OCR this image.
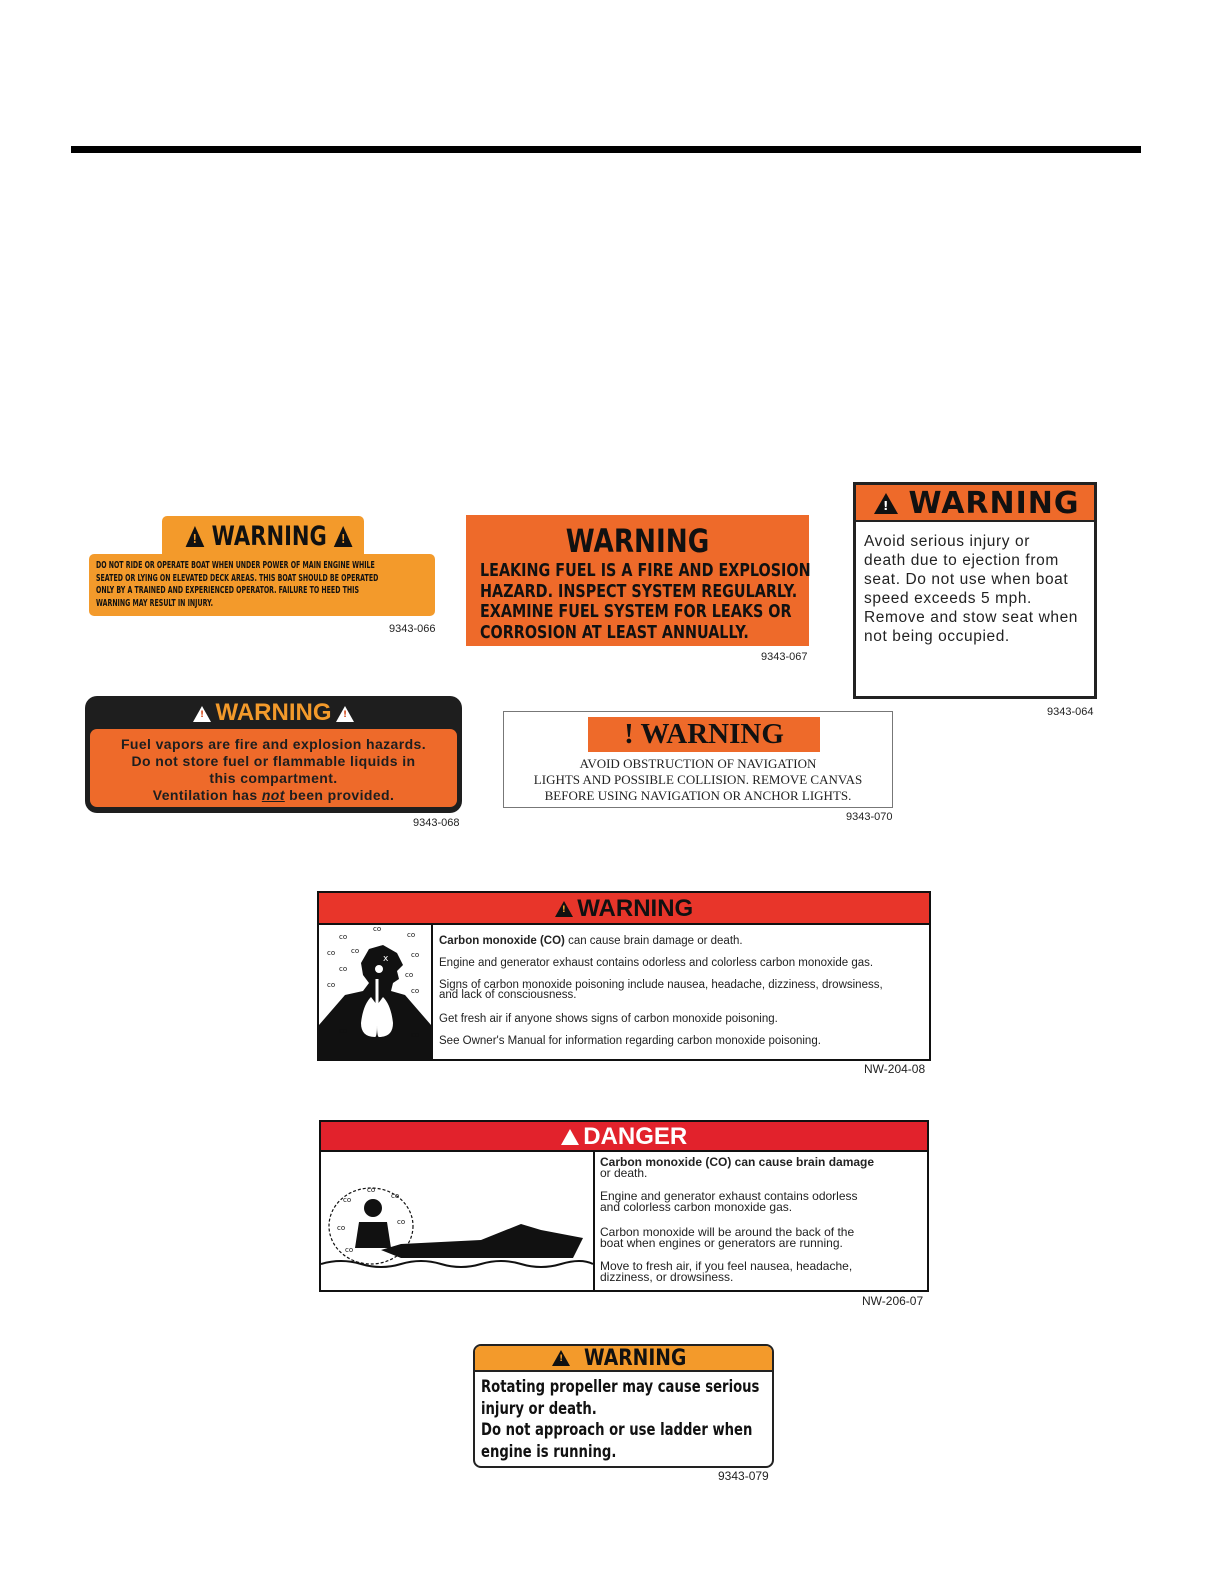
! WARNING !
DO NOT RIDE OR OPERATE BOAT WHEN UNDER POWER OF MAIN ENGINE WHILE
SEATED OR LYING ON ELEVATED DECK AREAS. THIS BOAT SHOULD BE OPERATED
ONLY BY A TRAINED AND EXPERIENCED OPERATOR. FAILURE TO HEED THIS
WARNING MAY RESULT IN INJURY.
9343-066
WARNING
LEAKING FUEL IS A FIRE AND EXPLOSION
HAZARD. INSPECT SYSTEM REGULARLY.
EXAMINE FUEL SYSTEM FOR LEAKS OR
CORROSION AT LEAST ANNUALLY.
9343-067
! WARNING
Avoid serious injury or
death due to ejection from
seat. Do not use when boat
speed exceeds 5 mph.
Remove and stow seat when
not being occupied.
9343-064
! WARNING !
Fuel vapors are fire and explosion hazards.
Do not store fuel or flammable liquids in
this compartment.
Ventilation has not been provided.
9343-068
! WARNING
AVOID OBSTRUCTION OF NAVIGATION
LIGHTS AND POSSIBLE COLLISION. REMOVE CANVAS
BEFORE USING NAVIGATION OR ANCHOR LIGHTS.
9343-070
! WARNING
x
co
co
co
co co	co
co
co
co
co
co	co
Carbon monoxide (CO) can cause brain damage or death.
Engine and generator exhaust contains odorless and colorless carbon monoxide gas.
Signs of carbon monoxide poisoning include nausea, headache, dizziness, drowsiness,
and lack of consciousness.
Get fresh air if anyone shows signs of carbon monoxide poisoning.
See Owner's Manual for information regarding carbon monoxide poisoning.
NW-204-08
! DANGER
co	co
co
co
co
co
Carbon monoxide (CO) can cause brain damage
or death.
Engine and generator exhaust contains odorless
and colorless carbon monoxide gas.
Carbon monoxide will be around the back of the
boat when engines or generators are running.
Move to fresh air, if you feel nausea, headache,
dizziness, or drowsiness.
NW-206-07
! WARNING
Rotating propeller may cause serious
injury or death.
Do not approach or use ladder when
engine is running.
9343-079
